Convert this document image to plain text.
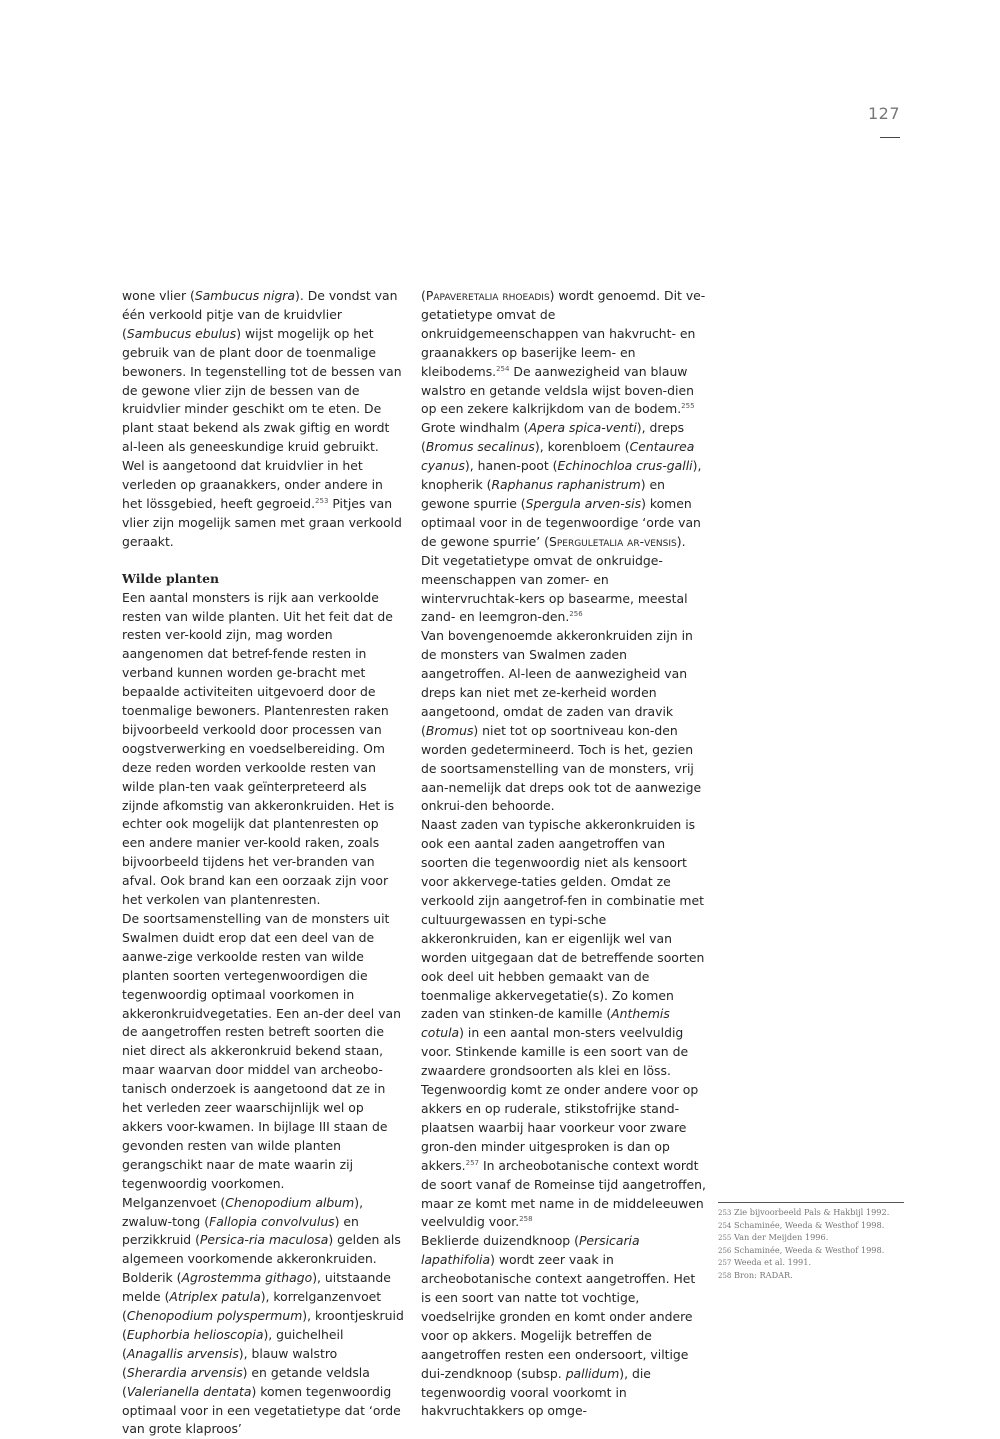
127

wone vlier (Sambucus nigra). De vondst van één verkoold pitje van de kruidvlier (Sambucus ebulus) wijst mogelijk op het gebruik van de plant door de toenmalige bewoners. In tegenstelling tot de bessen van de gewone vlier zijn de bessen van de kruidvlier minder geschikt om te eten. De plant staat bekend als zwak giftig en wordt al-leen als geneeskundige kruid gebruikt. Wel is aangetoond dat kruidvlier in het verleden op graanakkers, onder andere in het lössgebied, heeft gegroeid.$^{253}$ Pitjes van vlier zijn mogelijk samen met graan verkoold geraakt.

Wilde planten

Een aantal monsters is rijk aan verkoolde resten van wilde planten. Uit het feit dat de resten ver-koold zijn, mag worden aangenomen dat betref-fende resten in verband kunnen worden ge-bracht met bepaalde activiteiten uitgevoerd door de toenmalige bewoners. Plantenresten raken bijvoorbeeld verkoold door processen van oogstverwerking en voedselbereiding. Om deze reden worden verkoolde resten van wilde plan-ten vaak geïnterpreteerd als zijnde afkomstig van akkeronkruiden. Het is echter ook mogelijk dat plantenresten op een andere manier ver-koold raken, zoals bijvoorbeeld tijdens het ver-branden van afval. Ook brand kan een oorzaak zijn voor het verkolen van plantenresten.

De soortsamenstelling van de monsters uit Swalmen duidt erop dat een deel van de aanwe-zige verkoolde resten van wilde planten soorten vertegenwoordigen die tegenwoordig optimaal voorkomen in akkeronkruidvegetaties. Een an-der deel van de aangetroffen resten betreft soorten die niet direct als akkeronkruid bekend staan, maar waarvan door middel van archeobo-tanisch onderzoek is aangetoond dat ze in het verleden zeer waarschijnlijk wel op akkers voor-kwamen. In bijlage III staan de gevonden resten van wilde planten gerangschikt naar de mate waarin zij tegenwoordig voorkomen.

Melganzenvoet (Chenopodium album), zwaluw-tong (Fallopia convolvulus) en perzikkruid (Persica-ria maculosa) gelden als algemeen voorkomende akkeronkruiden.

Bolderik (Agrostemma githago), uitstaande melde (Atriplex patula), korrelganzenvoet (Chenopodium polyspermum), kroontjeskruid (Euphorbia helioscopia), guichelheil (Anagallis arvensis), blauw walstro (Sherardia arvensis) en getande veldsla (Valerianella dentata) komen tegenwoordig optimaal voor in een vegetatietype dat ‘orde van grote klaproos’

(Papaveretalia rhoeadis) wordt genoemd. Dit ve-getatietype omvat de onkruidgemeenschappen van hakvrucht- en graanakkers op baserijke leem- en kleibodems.$^{254}$ De aanwezigheid van blauw walstro en getande veldsla wijst boven-dien op een zekere kalkrijkdom van de bodem.$^{255}$ Grote windhalm (Apera spica-venti), dreps (Bromus secalinus), korenbloem (Centaurea cyanus), hanen-poot (Echinochloa crus-galli), knopherik (Raphanus raphanistrum) en gewone spurrie (Spergula arven-sis) komen optimaal voor in de tegenwoordige ‘orde van de gewone spurrie’ (Sperguletalia ar-vensis). Dit vegetatietype omvat de onkruidge-meenschappen van zomer- en wintervruchtak-kers op basearme, meestal zand- en leemgron-den.$^{256}$

Van bovengenoemde akkeronkruiden zijn in de monsters van Swalmen zaden aangetroffen. Al-leen de aanwezigheid van dreps kan niet met ze-kerheid worden aangetoond, omdat de zaden van dravik (Bromus) niet tot op soortniveau kon-den worden gedetermineerd. Toch is het, gezien de soortsamenstelling van de monsters, vrij aan-nemelijk dat dreps ook tot de aanwezige onkrui-den behoorde.

Naast zaden van typische akkeronkruiden is ook een aantal zaden aangetroffen van soorten die tegenwoordig niet als kensoort voor akkervege-taties gelden. Omdat ze verkoold zijn aangetrof-fen in combinatie met cultuurgewassen en typi-sche akkeronkruiden, kan er eigenlijk wel van worden uitgegaan dat de betreffende soorten ook deel uit hebben gemaakt van de toenmalige akkervegetatie(s). Zo komen zaden van stinken-de kamille (Anthemis cotula) in een aantal mon-sters veelvuldig voor. Stinkende kamille is een soort van de zwaardere grondsoorten als klei en löss. Tegenwoordig komt ze onder andere voor op akkers en op ruderale, stikstofrijke stand-plaatsen waarbij haar voorkeur voor zware gron-den minder uitgesproken is dan op akkers.$^{257}$ In archeobotanische context wordt de soort vanaf de Romeinse tijd aangetroffen, maar ze komt met name in de middeleeuwen veelvuldig voor.$^{258}$

Beklierde duizendknoop (Persicaria lapathifolia) wordt zeer vaak in archeobotanische context aangetroffen. Het is een soort van natte tot vochtige, voedselrijke gronden en komt onder andere voor op akkers. Mogelijk betreffen de aangetroffen resten een ondersoort, viltige dui-zendknoop (subsp. pallidum), die tegenwoordig vooral voorkomt in hakvruchtakkers op omge-

253 Zie bijvoorbeeld Pals & Hakbijl 1992.
254 Schaminée, Weeda & Westhof 1998.
255 Van der Meijden 1996.
256 Schaminée, Weeda & Westhof 1998.
257 Weeda et al. 1991.
258 Bron: RADAR.
